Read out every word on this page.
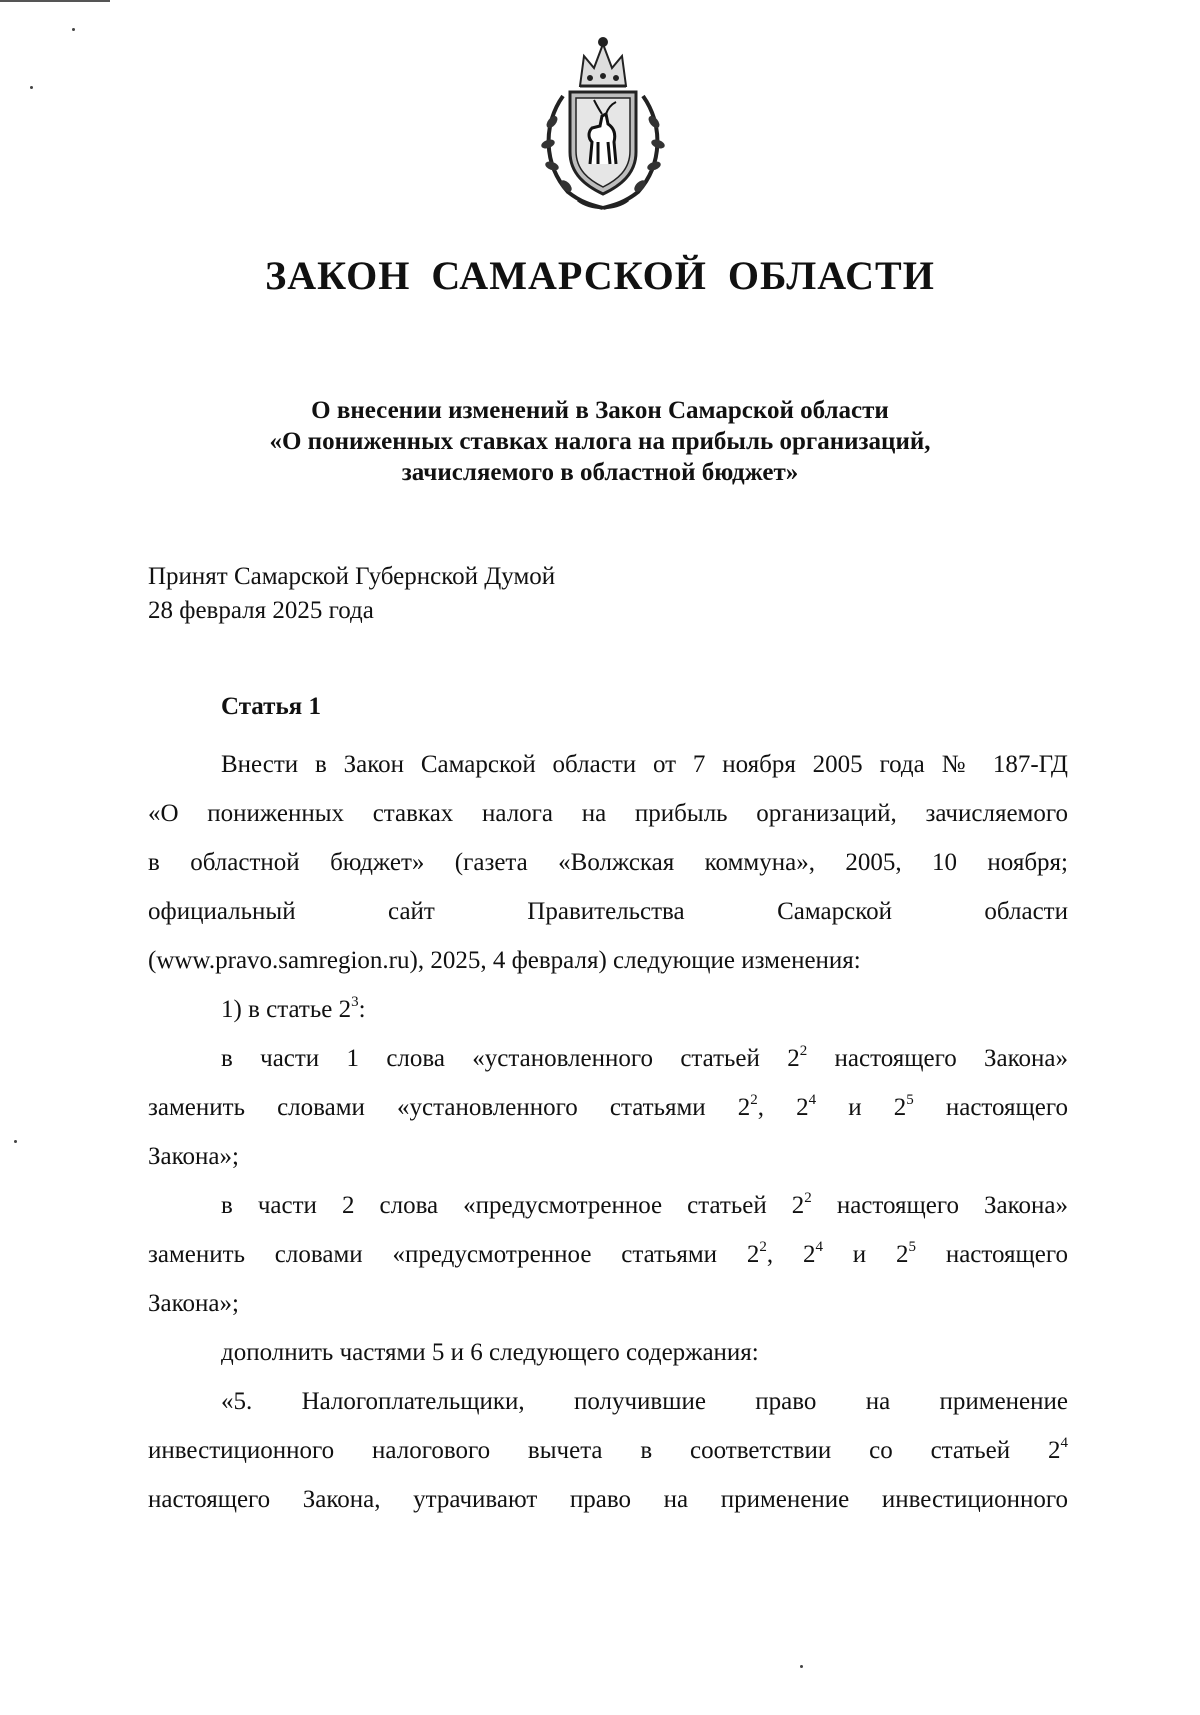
ЗАКОН САМАРСКОЙ ОБЛАСТИ
О внесении изменений в Закон Самарской области
«О пониженных ставках налога на прибыль организаций,
зачисляемого в областной бюджет»
Принят Самарской Губернской Думой
28 февраля 2025 года
Статья 1

Внести в Закон Самарской области от 7 ноября 2005 года № 187-ГД

«О пониженных ставках налога на прибыль организаций, зачисляемого

в областной бюджет» (газета «Волжская коммуна», 2005, 10 ноября;

официальный сайт Правительства Самарской области

(www.pravo.samregion.ru), 2025, 4 февраля) следующие изменения:

1) в статье $2^3$:

в части 1 слова «установленного статьей $2^2$ настоящего Закона»

заменить словами «установленного статьями $2^2$, $2^4$ и $2^5$ настоящего

Закона»;

в части 2 слова «предусмотренное статьей $2^2$ настоящего Закона»

заменить словами «предусмотренное статьями $2^2$, $2^4$ и $2^5$ настоящего

Закона»;

дополнить частями 5 и 6 следующего содержания:

«5. Налогоплательщики, получившие право на применение

инвестиционного налогового вычета в соответствии со статьей $2^4$

настоящего Закона, утрачивают право на применение инвестиционного
